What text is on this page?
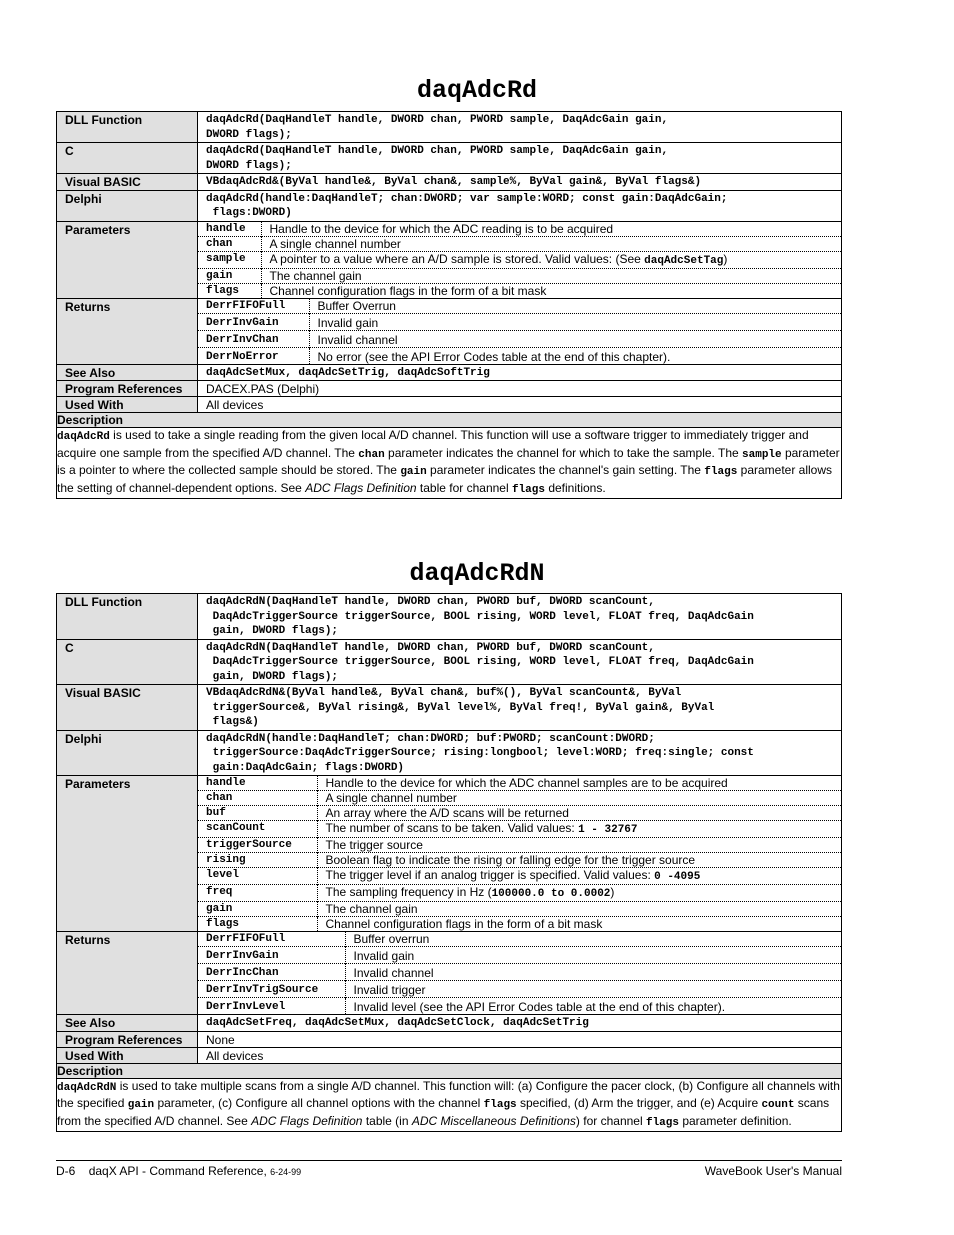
daqAdcRd
DLL Function	daqAdcRd(DaqHandleT handle, DWORD chan, PWORD sample, DaqAdcGain gain,
DWORD flags);

C	daqAdcRd(DaqHandleT handle, DWORD chan, PWORD sample, DaqAdcGain gain,
DWORD flags);

Visual BASIC	VBdaqAdcRd&(ByVal handle&, ByVal chan&, sample%, ByVal gain&, ByVal flags&)

Delphi	daqAdcRd(handle:DaqHandleT; chan:DWORD; var sample:WORD; const gain:DaqAdcGain;
flags:DWORD)

Parameters		handle	Handle to the device for which the ADC reading is to be acquired
chan	A single channel number
sample	A pointer to a value where an A/D sample is stored. Valid values: (See daqAdcSetTag)
gain	The channel gain
flags	Channel configuration flags in the form of a bit mask

Returns		DerrFIFOFull	Buffer Overrun
DerrInvGain	Invalid gain
DerrInvChan	Invalid channel
DerrNoError	No error (see the API Error Codes table at the end of this chapter).

See Also	daqAdcSetMux, daqAdcSetTrig, daqAdcSoftTrig

Program References	DACEX.PAS (Delphi)
Used With	All devices
Description
daqAdcRd is used to take a single reading from the given local A/D channel. This function will use a software trigger to immediately trigger and acquire one sample from the specified A/D channel. The chan parameter indicates the channel for which to take the sample. The sample parameter is a pointer to where the collected sample should be stored. The gain parameter indicates the channel's gain setting. The flags parameter allows the setting of channel-dependent options. See ADC Flags Definition table for channel flags definitions.
daqAdcRdN
DLL Function	daqAdcRdN(DaqHandleT handle, DWORD chan, PWORD buf, DWORD scanCount,
DaqAdcTriggerSource triggerSource, BOOL rising, WORD level, FLOAT freq, DaqAdcGain
gain, DWORD flags);

C	daqAdcRdN(DaqHandleT handle, DWORD chan, PWORD buf, DWORD scanCount,
DaqAdcTriggerSource triggerSource, BOOL rising, WORD level, FLOAT freq, DaqAdcGain
gain, DWORD flags);

Visual BASIC	VBdaqAdcRdN&(ByVal handle&, ByVal chan&, buf%(), ByVal scanCount&, ByVal
triggerSource&, ByVal rising&, ByVal level%, ByVal freq!, ByVal gain&, ByVal
flags&)

Delphi	daqAdcRdN(handle:DaqHandleT; chan:DWORD; buf:PWORD; scanCount:DWORD;
triggerSource:DaqAdcTriggerSource; rising:longbool; level:WORD; freq:single; const
gain:DaqAdcGain; flags:DWORD)

Parameters		handle	Handle to the device for which the ADC channel samples are to be acquired
chan	A single channel number
buf	An array where the A/D scans will be returned
scanCount	The number of scans to be taken. Valid values: 1 - 32767
triggerSource	The trigger source
rising	Boolean flag to indicate the rising or falling edge for the trigger source
level	The trigger level if an analog trigger is specified. Valid values: 0 -4095
freq	The sampling frequency in Hz (100000.0 to 0.0002)
gain	The channel gain
flags	Channel configuration flags in the form of a bit mask

Returns		DerrFIFOFull	Buffer overrun
DerrInvGain	Invalid gain
DerrIncChan	Invalid channel
DerrInvTrigSource	Invalid trigger
DerrInvLevel	Invalid level (see the API Error Codes table at the end of this chapter).

See Also	daqAdcSetFreq, daqAdcSetMux, daqAdcSetClock, daqAdcSetTrig

Program References	None
Used With	All devices
Description
daqAdcRdN is used to take multiple scans from a single A/D channel. This function will: (a) Configure the pacer clock, (b) Configure all channels with the specified gain parameter, (c) Configure all channel options with the channel flags specified, (d) Arm the trigger, and (e) Acquire count scans from the specified A/D channel. See ADC Flags Definition table (in ADC Miscellaneous Definitions) for channel flags parameter definition.
D-6 daqX API - Command Reference, 6-24-99	WaveBook User's Manual
